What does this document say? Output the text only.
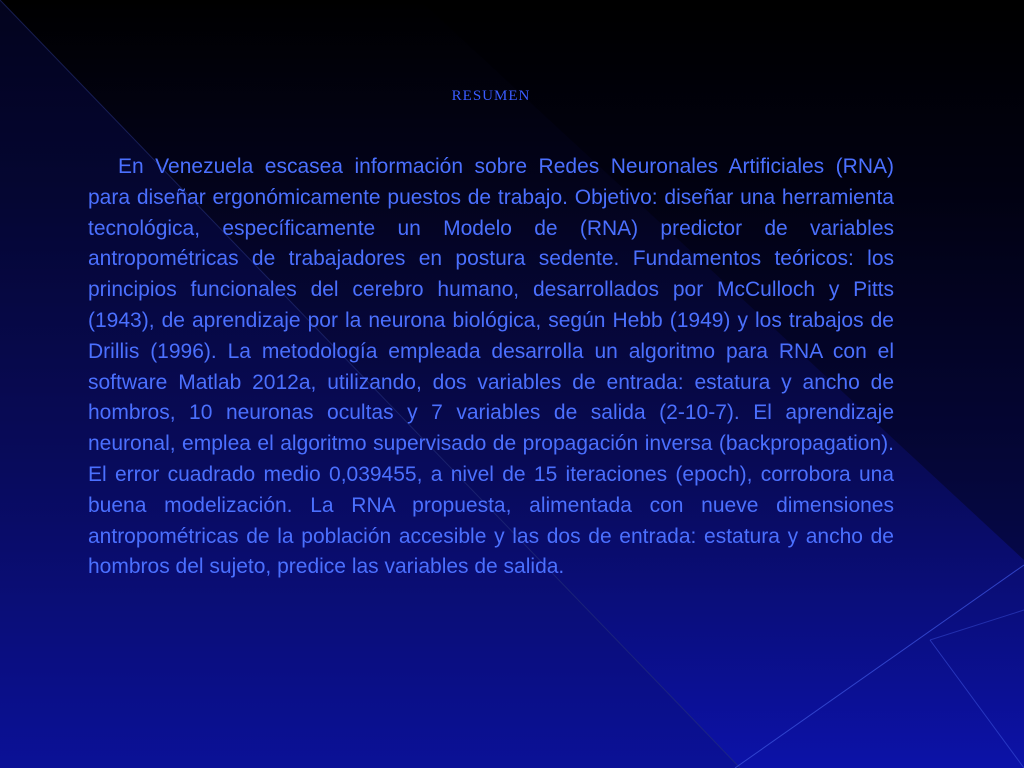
resumen

En Venezuela escasea información sobre Redes Neuronales Artificiales (RNA) para diseñar ergonómicamente puestos de trabajo. Objetivo: diseñar una herramienta tecnológica, específicamente un Modelo de (RNA) predictor de variables antropométricas de trabajadores en postura sedente. Fundamentos teóricos: los principios funcionales del cerebro humano, desarrollados por McCulloch y Pitts (1943), de aprendizaje por la neurona biológica, según Hebb (1949) y los trabajos de Drillis (1996). La metodología empleada desarrolla un algoritmo para RNA con el software Matlab 2012a, utilizando, dos variables de entrada: estatura y ancho de hombros, 10 neuronas ocultas y 7 variables de salida (2-10-7). El aprendizaje neuronal, emplea el algoritmo supervisado de propagación inversa (backpropagation). El error cuadrado medio 0,039455, a nivel de 15 iteraciones (epoch), corrobora una buena modelización. La RNA propuesta, alimentada con nueve dimensiones antropométricas de la población accesible y las dos de entrada: estatura y ancho de hombros del sujeto, predice las variables de salida.
